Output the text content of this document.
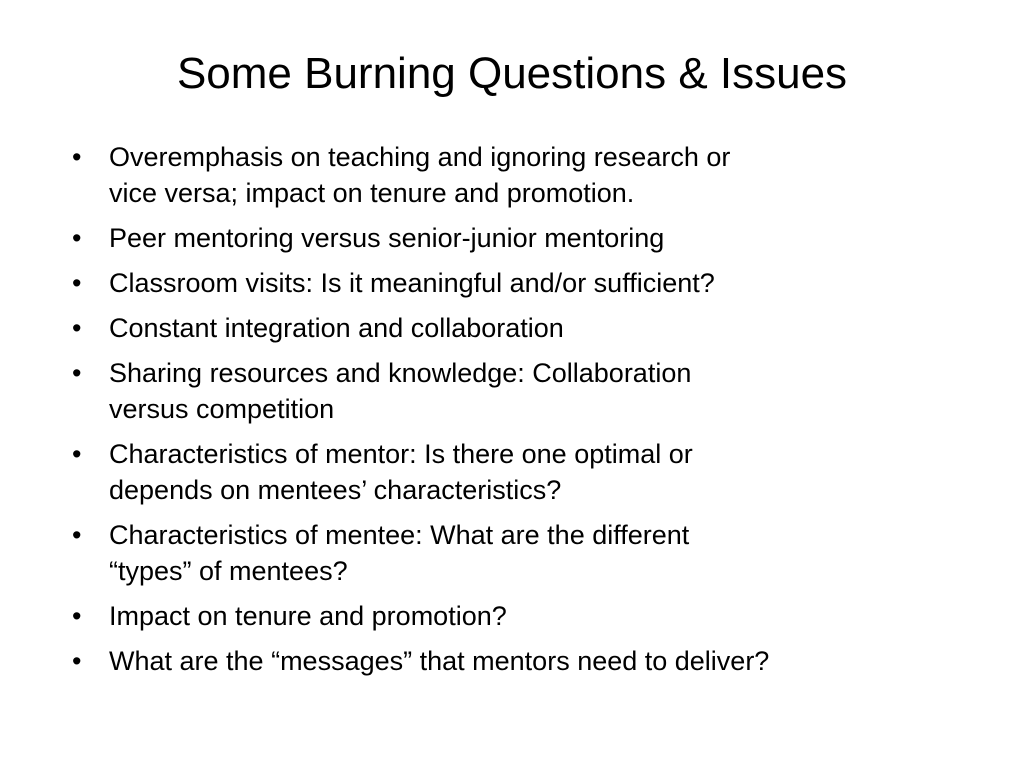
Some Burning Questions & Issues
• Overemphasis on teaching and ignoring research or
vice versa; impact on tenure and promotion.
• Peer mentoring versus senior-junior mentoring
• Classroom visits: Is it meaningful and/or sufficient?
• Constant integration and collaboration
• Sharing resources and knowledge: Collaboration
versus competition
• Characteristics of mentor: Is there one optimal or
depends on mentees’ characteristics?
• Characteristics of mentee: What are the different
“types” of mentees?
• Impact on tenure and promotion?
• What are the “messages” that mentors need to deliver?
